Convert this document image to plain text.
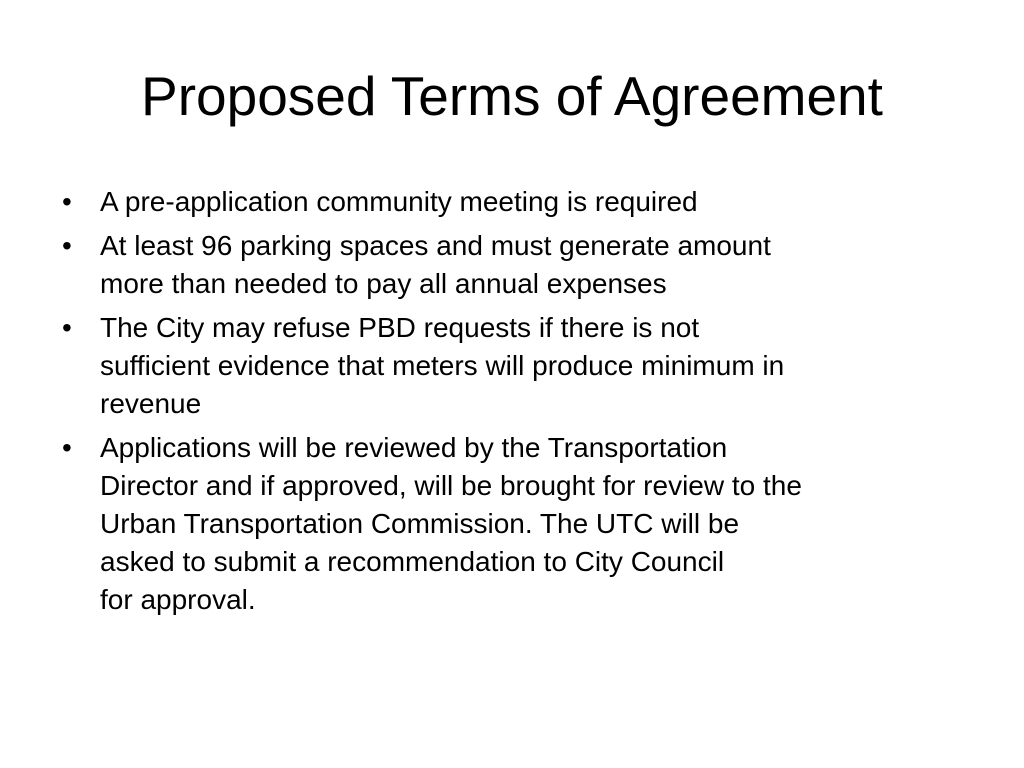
Proposed Terms of Agreement
• A pre-application community meeting is required
• At least 96 parking spaces and must generate amount
more than needed to pay all annual expenses
• The City may refuse PBD requests if there is not
sufficient evidence that meters will produce minimum in
revenue
• Applications will be reviewed by the Transportation
Director and if approved, will be brought for review to the
Urban Transportation Commission. The UTC will be
asked to submit a recommendation to City Council
for approval.
